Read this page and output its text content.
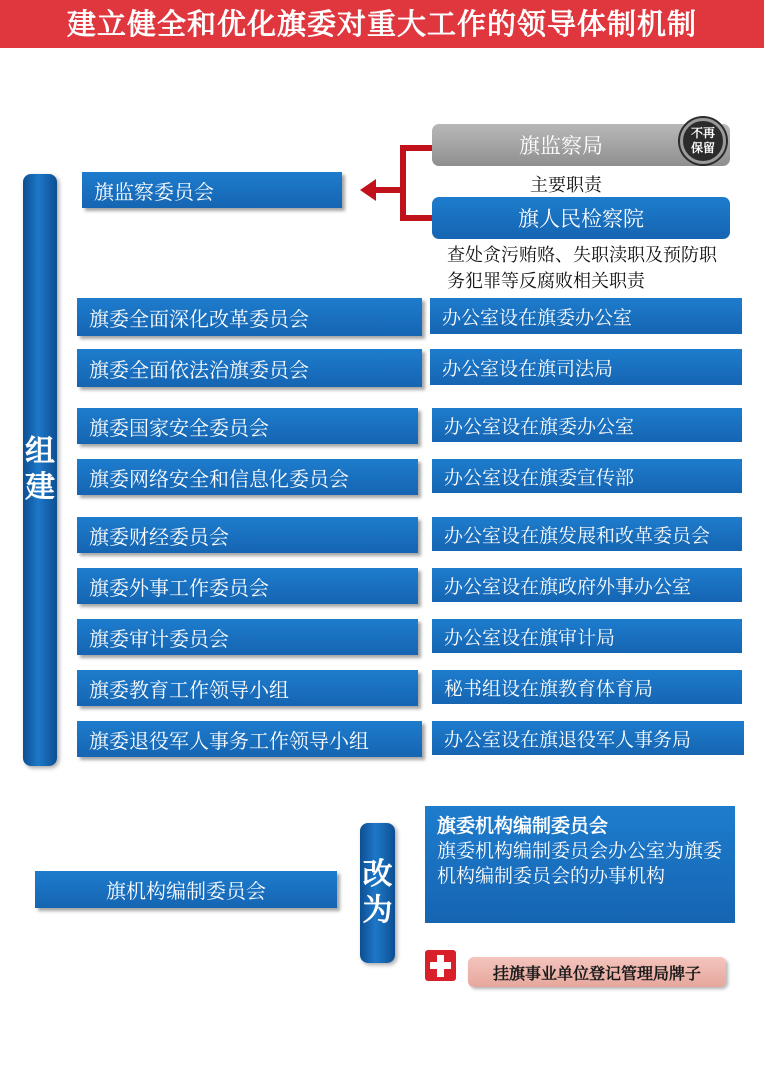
建立健全和优化旗委对重大工作的领导体制机制
旗监察委员会
旗监察局
不再保留
主要职责
旗人民检察院
查处贪污贿赂、失职渎职及预防职务犯罪等反腐败相关职责
组建
旗委全面深化改革委员会	办公室设在旗委办公室
旗委全面依法治旗委员会	办公室设在旗司法局
旗委国家安全委员会	办公室设在旗委办公室
旗委网络安全和信息化委员会	办公室设在旗委宣传部
旗委财经委员会	办公室设在旗发展和改革委员会
旗委外事工作委员会	办公室设在旗政府外事办公室
旗委审计委员会	办公室设在旗审计局
旗委教育工作领导小组	秘书组设在旗教育体育局
旗委退役军人事务工作领导小组	办公室设在旗退役军人事务局
旗机构编制委员会	改为
旗委机构编制委员会
旗委机构编制委员会办公室为旗委机构编制委员会的办事机构
挂旗事业单位登记管理局牌子
